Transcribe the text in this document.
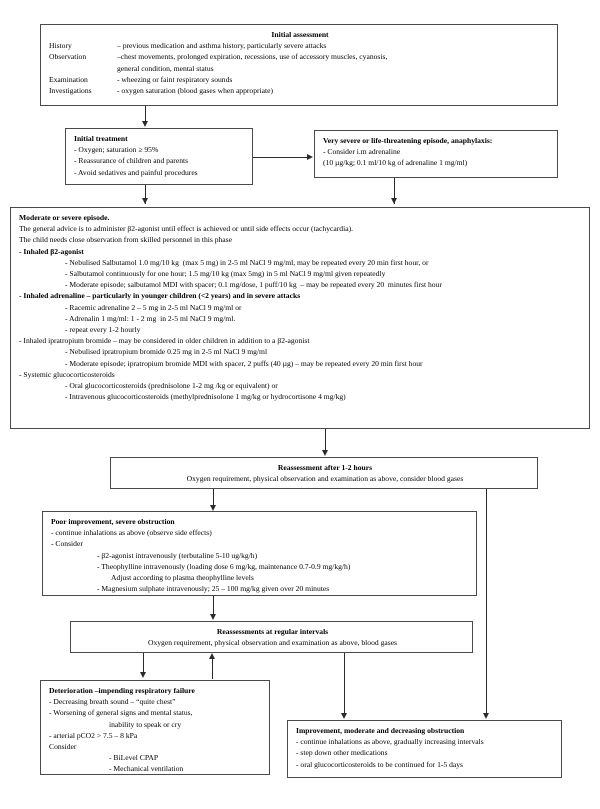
Initial assessment
History	– previous medication and asthma history, particularly severe attacks
Observation	–chest movements, prolonged expiration, recessions, use of accessory muscles, cyanosis,
general condition, mental status
Examination	- wheezing or faint respiratory sounds
Investigations	- oxygen saturation (blood gases when appropriate)
Initial treatment
- Oxygen; saturation ≥ 95%
- Reassurance of children and parents
- Avoid sedatives and painful procedures
Very severe or life-threatening episode, anaphylaxis:
- Consider i.m adrenaline
(10 µg/kg; 0.1 ml/10 kg of adrenaline 1 mg/ml)
Moderate or severe episode.
The general advice is to administer β2-agonist until effect is achieved or until side effects occur (tachycardia).
The child needs close observation from skilled personnel in this phase
- Inhaled β2-agonist
- Nebulised Salbutamol 1.0 mg/10 kg  (max 5 mg) in 2-5 ml NaCl 9 mg/ml, may be repeated every 20 min first hour, or
- Salbutamol continuously for one hour; 1.5 mg/10 kg (max 5mg) in 5 ml NaCl 9 mg/ml given repeatedly
- Moderate episode; salbutamol MDI with spacer; 0.1 mg/dose, 1 puff/10 kg  – may be repeated every 20  minutes first hour
- Inhaled adrenaline – particularly in younger children (<2 years) and in severe attacks
- Racemic adrenaline 2 – 5 mg in 2-5 ml NaCl 9 mg/ml or
- Adrenalin 1 mg/ml: 1 - 2 mg  in 2-5 ml NaCl 9 mg/ml.
- repeat every 1-2 hourly
- Inhaled ipratropium bromide – may be considered in older children in addition to a β2-agonist
- Nebulised ipratropium bromide 0.25 mg in 2-5 ml NaCl 9 mg/ml
- Moderate episode; ipratropium bromide MDI with spacer, 2 puffs (40 µg) – may be repeated every 20 min first hour
- Systemic glucocorticosteroids
- Oral glucocorticosteroids (prednisolone 1-2 mg /kg or equivalent) or
- Intravenous glucocorticosteroids (methylprednisolone 1 mg/kg or hydrocortisone 4 mg/kg)
Reassessment after 1-2 hours
Oxygen requirement, physical observation and examination as above, consider blood gases
Poor improvement, severe obstruction
- continue inhalations as above (observe side effects)
- Consider
- β2-agonist intravenously (terbutaline 5-10 ug/kg/h)
- Theophylline intravenously (loading dose 6 mg/kg, maintenance 0.7-0.9 mg/kg/h)
Adjust according to plasma theophylline levels
- Magnesium sulphate intravenously; 25 – 100 mg/kg given over 20 minutes
Reassessments at regular intervals
Oxygen requirement, physical observation and examination as above, blood gases
Deterioration –impending respiratory failure
- Decreasing breath sound – “quite chest”
- Worsening of general signs and mental status,
inability to speak or cry
- arterial pCO2 > 7.5 – 8 kPa
Consider
- BiLevel CPAP
- Mechanical ventilation
Improvement, moderate and decreasing obstruction
- continue inhalations as above, gradually increasing intervals
- step down other medications
- oral glucocorticosteroids to be continued for 1-5 days
